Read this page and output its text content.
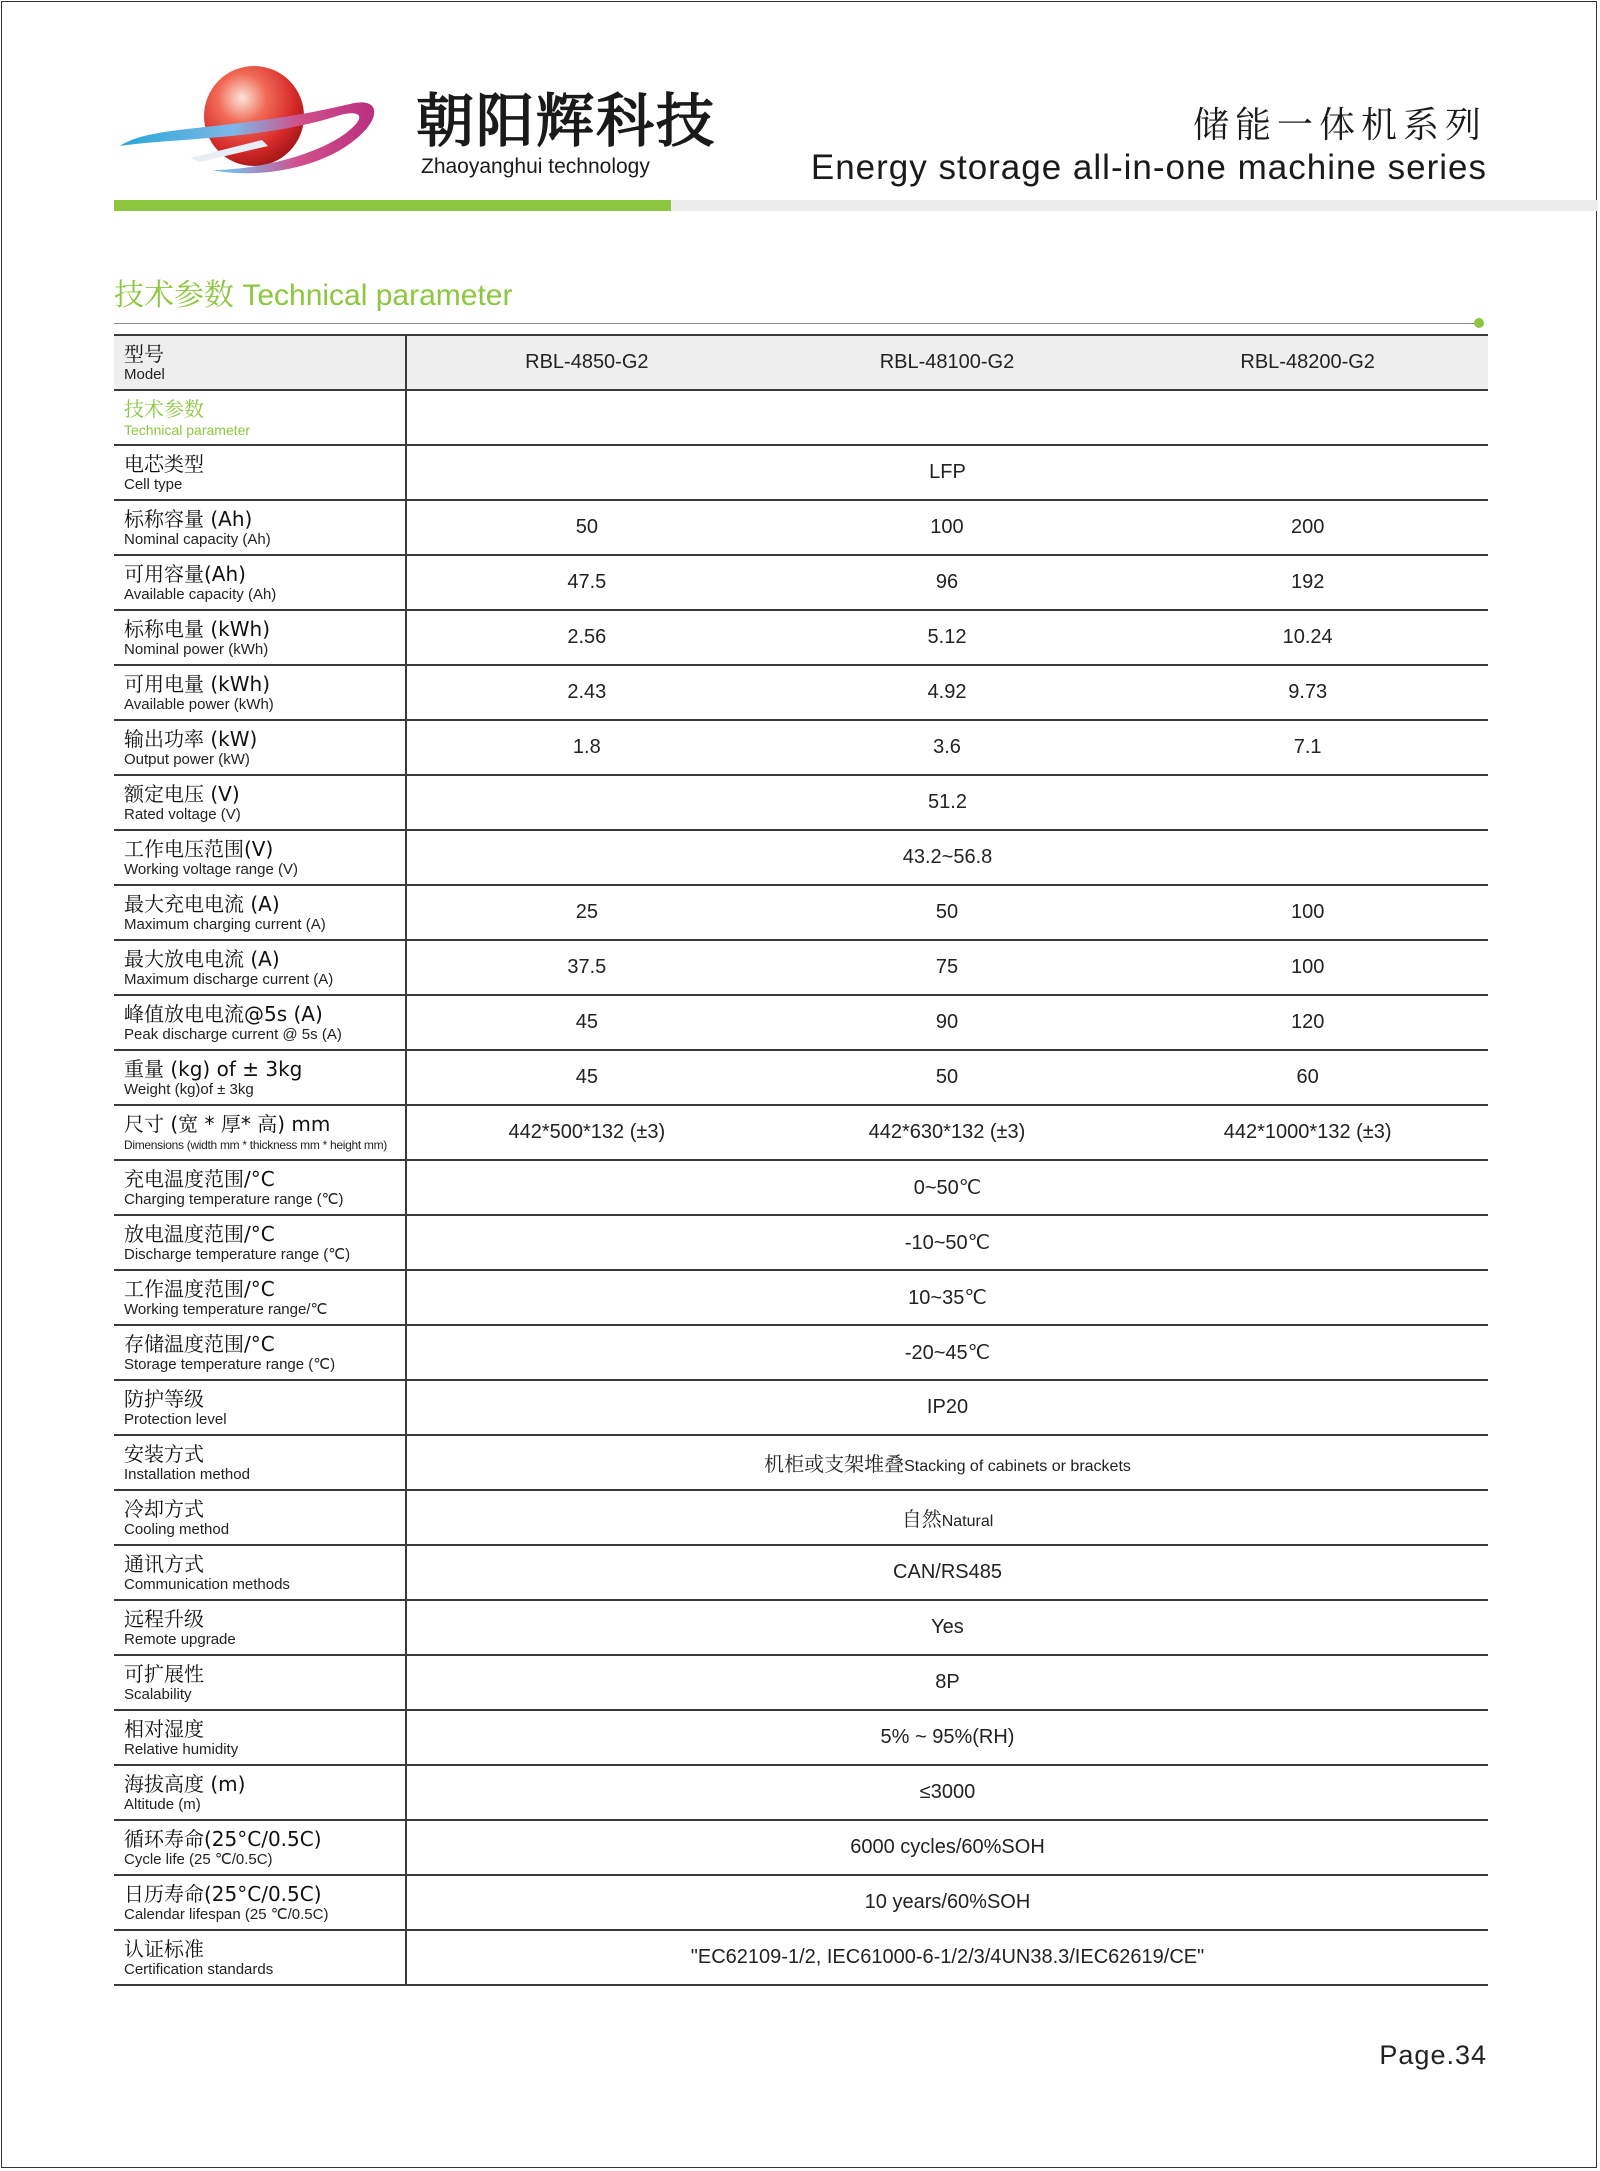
朝阳辉科技
Zhaoyanghui technology
储能一体机系列
Energy storage all-in-one machine series
技术参数 Technical parameter
型号
Model	RBL-4850-G2	RBL-48100-G2	RBL-48200-G2

技术参数
Technical parameter			

电芯类型
Cell type	LFP		

标称容量 (Ah)
Nominal capacity (Ah)	50	100	200

可用容量(Ah)
Available capacity (Ah)	47.5	96	192

标称电量 (kWh)
Nominal power (kWh)	2.56	5.12	10.24

可用电量 (kWh)
Available power (kWh)	2.43	4.92	9.73

输出功率 (kW)
Output power (kW)	1.8	3.6	7.1

额定电压 (V)
Rated voltage (V)	51.2		

工作电压范围(V)
Working voltage range (V)	43.2~56.8		

最大充电电流 (A)
Maximum charging current (A)	25	50	100

最大放电电流 (A)
Maximum discharge current (A)	37.5	75	100

峰值放电电流@5s (A)
Peak discharge current @ 5s (A)	45	90	120

重量 (kg) of ± 3kg
Weight (kg)of ± 3kg	45	50	60

尺寸 (宽 * 厚* 高) mm
Dimensions (width mm * thickness mm * height mm)	442*500*132 (±3)	442*630*132 (±3)	442*1000*132 (±3)

充电温度范围/°C
Charging temperature range (℃)	0~50℃		

放电温度范围/°C
Discharge temperature range (℃)	-10~50℃		

工作温度范围/°C
Working temperature range/℃	10~35℃		

存储温度范围/°C
Storage temperature range (℃)	-20~45℃		

防护等级
Protection level	IP20		

安装方式
Installation method	机柜或支架堆叠Stacking of cabinets or brackets		

冷却方式
Cooling method	自然Natural		

通讯方式
Communication methods	CAN/RS485		

远程升级
Remote upgrade	Yes		

可扩展性
Scalability	8P		

相对湿度
Relative humidity	5% ~ 95%(RH)		

海拔高度 (m)
Altitude (m)	≤3000		

循环寿命(25°C/0.5C)
Cycle life (25 ℃/0.5C)	6000 cycles/60%SOH		

日历寿命(25°C/0.5C)
Calendar lifespan (25 ℃/0.5C)	10 years/60%SOH		

认证标准
Certification standards	"EC62109-1/2, IEC61000-6-1/2/3/4UN38.3/IEC62619/CE"		
Page.34
